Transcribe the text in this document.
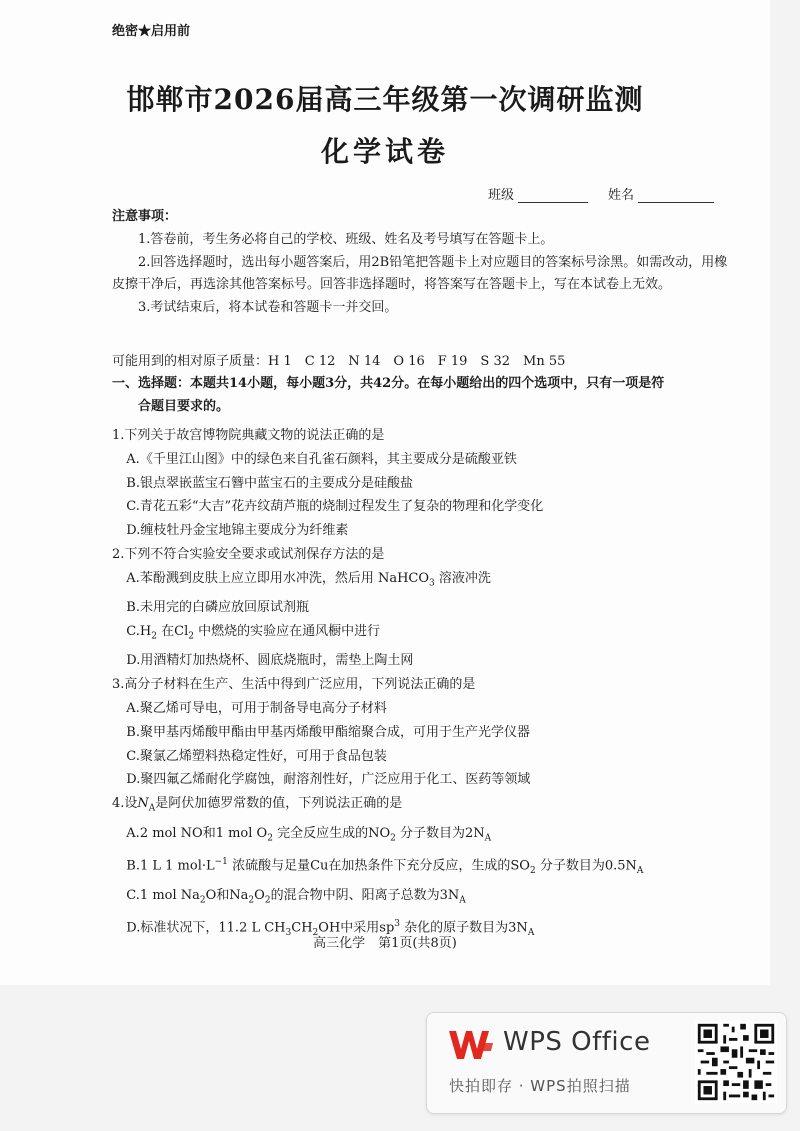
绝密★启用前
邯郸市2026届高三年级第一次调研监测
化学试卷
班级	姓名
注意事项：

1.答卷前，考生务必将自己的学校、班级、姓名及考号填写在答题卡上。

2.回答选择题时，选出每小题答案后，用2B铅笔把答题卡上对应题目的答案标号涂黑。如需改动，用橡皮擦干净后，再选涂其他答案标号。回答非选择题时，将答案写在答题卡上，写在本试卷上无效。

3.考试结束后，将本试卷和答题卡一并交回。

可能用到的相对原子质量：H 1　C 12　N 14　O 16　F 19　S 32　Mn 55
一、选择题：本题共14小题，每小题3分，共42分。在每小题给出的四个选项中，只有一项是符
合题目要求的。
1.下列关于故宫博物院典藏文物的说法正确的是
A.《千里江山图》中的绿色来自孔雀石颜料，其主要成分是硫酸亚铁
B.银点翠嵌蓝宝石簪中蓝宝石的主要成分是硅酸盐
C.青花五彩“大吉”花卉纹葫芦瓶的烧制过程发生了复杂的物理和化学变化
D.缠枝牡丹金宝地锦主要成分为纤维素
2.下列不符合实验安全要求或试剂保存方法的是
A.苯酚溅到皮肤上应立即用水冲洗，然后用 NaHCO$_3$ 溶液冲洗
B.未用完的白磷应放回原试剂瓶
$C.H_2$ 在$Cl_2$ 中燃烧的实验应在通风橱中进行
D.用酒精灯加热烧杯、圆底烧瓶时，需垫上陶土网
3.高分子材料在生产、生活中得到广泛应用，下列说法正确的是
A.聚乙烯可导电，可用于制备导电高分子材料
B.聚甲基丙烯酸甲酯由甲基丙烯酸甲酯缩聚合成，可用于生产光学仪器
C.聚氯乙烯塑料热稳定性好，可用于食品包装
D.聚四氟乙烯耐化学腐蚀，耐溶剂性好，广泛应用于化工、医药等领域
4.设$N_A$是阿伏加德罗常数的值，下列说法正确的是
A.2 mol NO和1 mol $O_2$ 完全反应生成的$NO_2$ 分子数目为$2N_A$
B.1 L 1 $mol\cdot L^{-1}$ 浓硫酸与足量Cu在加热条件下充分反应，生成的$SO_2$ 分子数目为$0.5N_A$
C.1 mol $Na_2O$和$Na_2O_2$的混合物中阴、阳离子总数为$3N_A$
D.标准状况下，11.2 L $CH_3CH_2OH$中采用$sp^3$ 杂化的原子数目为$3N_A$
高三化学　第1页(共8页)
WPS Office
快拍即存 · WPS拍照扫描
